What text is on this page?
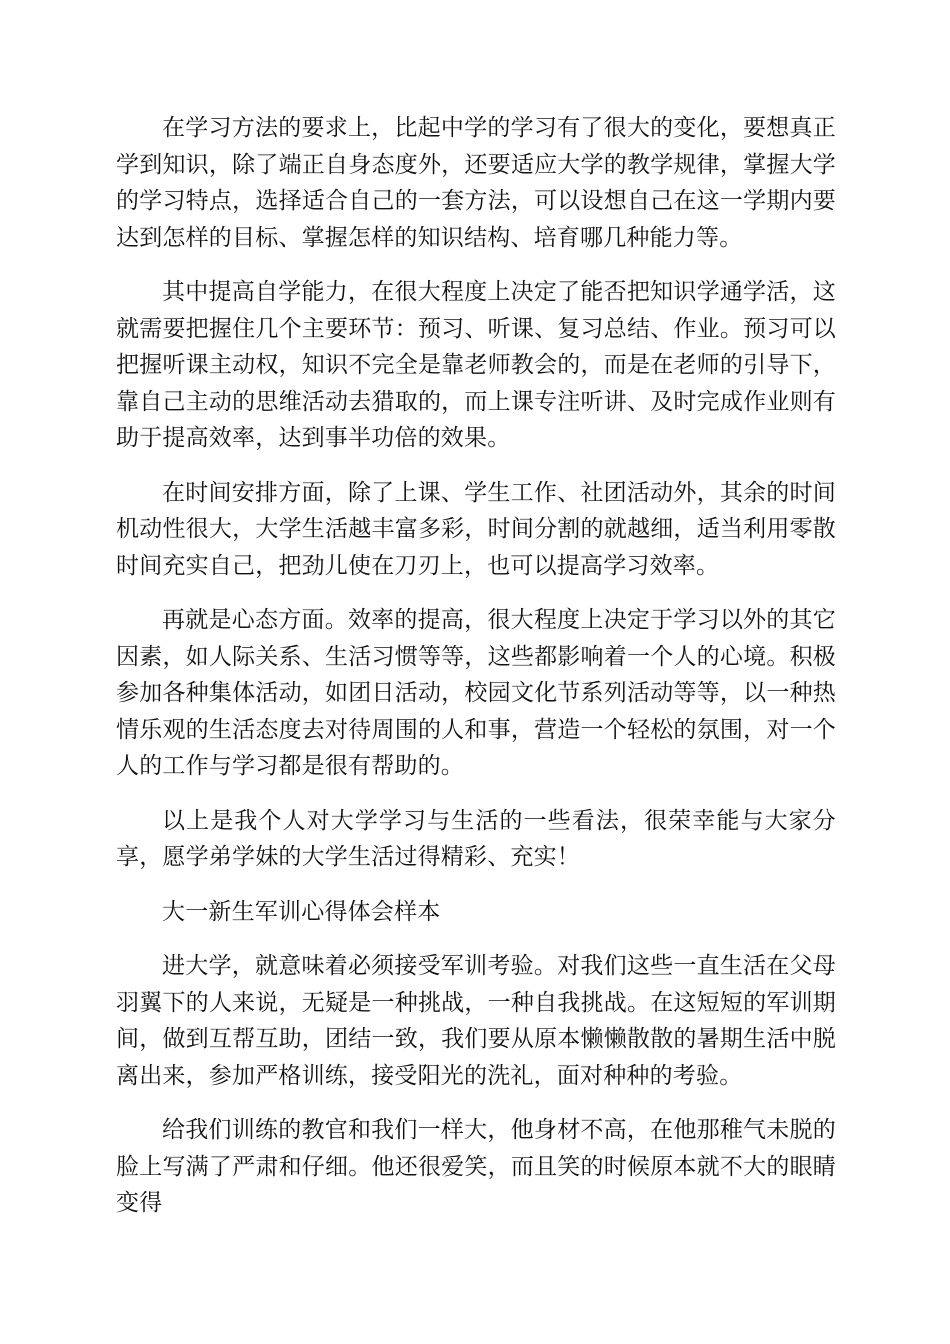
在学习方法的要求上，比起中学的学习有了很大的变化，要想真正学到知识，除了端正自身态度外，还要适应大学的教学规律，掌握大学的学习特点，选择适合自己的一套方法，可以设想自己在这一学期内要达到怎样的目标、掌握怎样的知识结构、培育哪几种能力等。

其中提高自学能力，在很大程度上决定了能否把知识学通学活，这就需要把握住几个主要环节：预习、听课、复习总结、作业。预习可以把握听课主动权，知识不完全是靠老师教会的，而是在老师的引导下，靠自己主动的思维活动去猎取的，而上课专注听讲、及时完成作业则有助于提高效率，达到事半功倍的效果。

在时间安排方面，除了上课、学生工作、社团活动外，其余的时间机动性很大，大学生活越丰富多彩，时间分割的就越细，适当利用零散时间充实自己，把劲儿使在刀刃上，也可以提高学习效率。

再就是心态方面。效率的提高，很大程度上决定于学习以外的其它因素，如人际关系、生活习惯等等，这些都影响着一个人的心境。积极参加各种集体活动，如团日活动，校园文化节系列活动等等，以一种热情乐观的生活态度去对待周围的人和事，营造一个轻松的氛围，对一个人的工作与学习都是很有帮助的。

以上是我个人对大学学习与生活的一些看法，很荣幸能与大家分享，愿学弟学妹的大学生活过得精彩、充实！

大一新生军训心得体会样本

进大学，就意味着必须接受军训考验。对我们这些一直生活在父母羽翼下的人来说，无疑是一种挑战，一种自我挑战。在这短短的军训期间，做到互帮互助，团结一致，我们要从原本懒懒散散的暑期生活中脱离出来，参加严格训练，接受阳光的洗礼，面对种种的考验。

给我们训练的教官和我们一样大，他身材不高，在他那稚气未脱的脸上写满了严肃和仔细。他还很爱笑，而且笑的时候原本就不大的眼睛变得
